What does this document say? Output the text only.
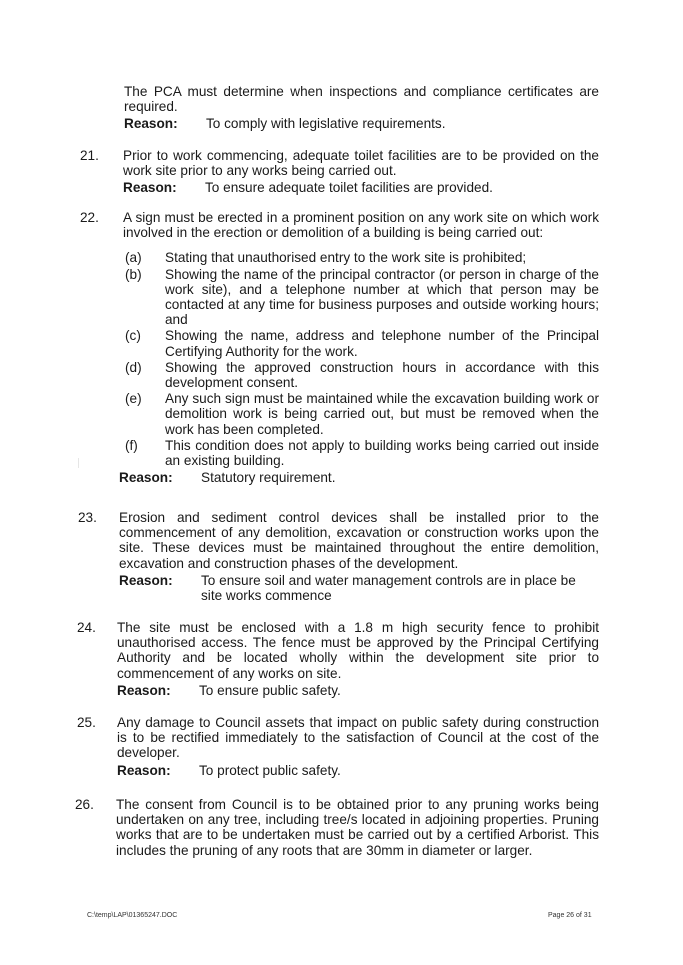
The PCA must determine when inspections and compliance certificates are required.
Reason:	To comply with legislative requirements.
21.	Prior to work commencing, adequate toilet facilities are to be provided on the work site prior to any works being carried out.
Reason:	To ensure adequate toilet facilities are provided.
22.	A sign must be erected in a prominent position on any work site on which work involved in the erection or demolition of a building is being carried out:
(a)	Stating that unauthorised entry to the work site is prohibited;
(b)	Showing the name of the principal contractor (or person in charge of the work site), and a telephone number at which that person may be contacted at any time for business purposes and outside working hours; and
(c)	Showing the name, address and telephone number of the Principal Certifying Authority for the work.
(d)	Showing the approved construction hours in accordance with this development consent.
(e)	Any such sign must be maintained while the excavation building work or demolition work is being carried out, but must be removed when the work has been completed.
(f)	This condition does not apply to building works being carried out inside an existing building.
Reason:	Statutory requirement.
23.	Erosion and sediment control devices shall be installed prior to the commencement of any demolition, excavation or construction works upon the site. These devices must be maintained throughout the entire demolition, excavation and construction phases of the development.
Reason:	To ensure soil and water management controls are in place be site works commence
24.	The site must be enclosed with a 1.8 m high security fence to prohibit unauthorised access. The fence must be approved by the Principal Certifying Authority and be located wholly within the development site prior to commencement of any works on site.
Reason:	To ensure public safety.
25.	Any damage to Council assets that impact on public safety during construction is to be rectified immediately to the satisfaction of Council at the cost of the developer.
Reason:	To protect public safety.
26.	The consent from Council is to be obtained prior to any pruning works being undertaken on any tree, including tree/s located in adjoining properties. Pruning works that are to be undertaken must be carried out by a certified Arborist. This includes the pruning of any roots that are 30mm in diameter or larger.
C:\temp\LAP\01365247.DOC	Page 26 of 31
